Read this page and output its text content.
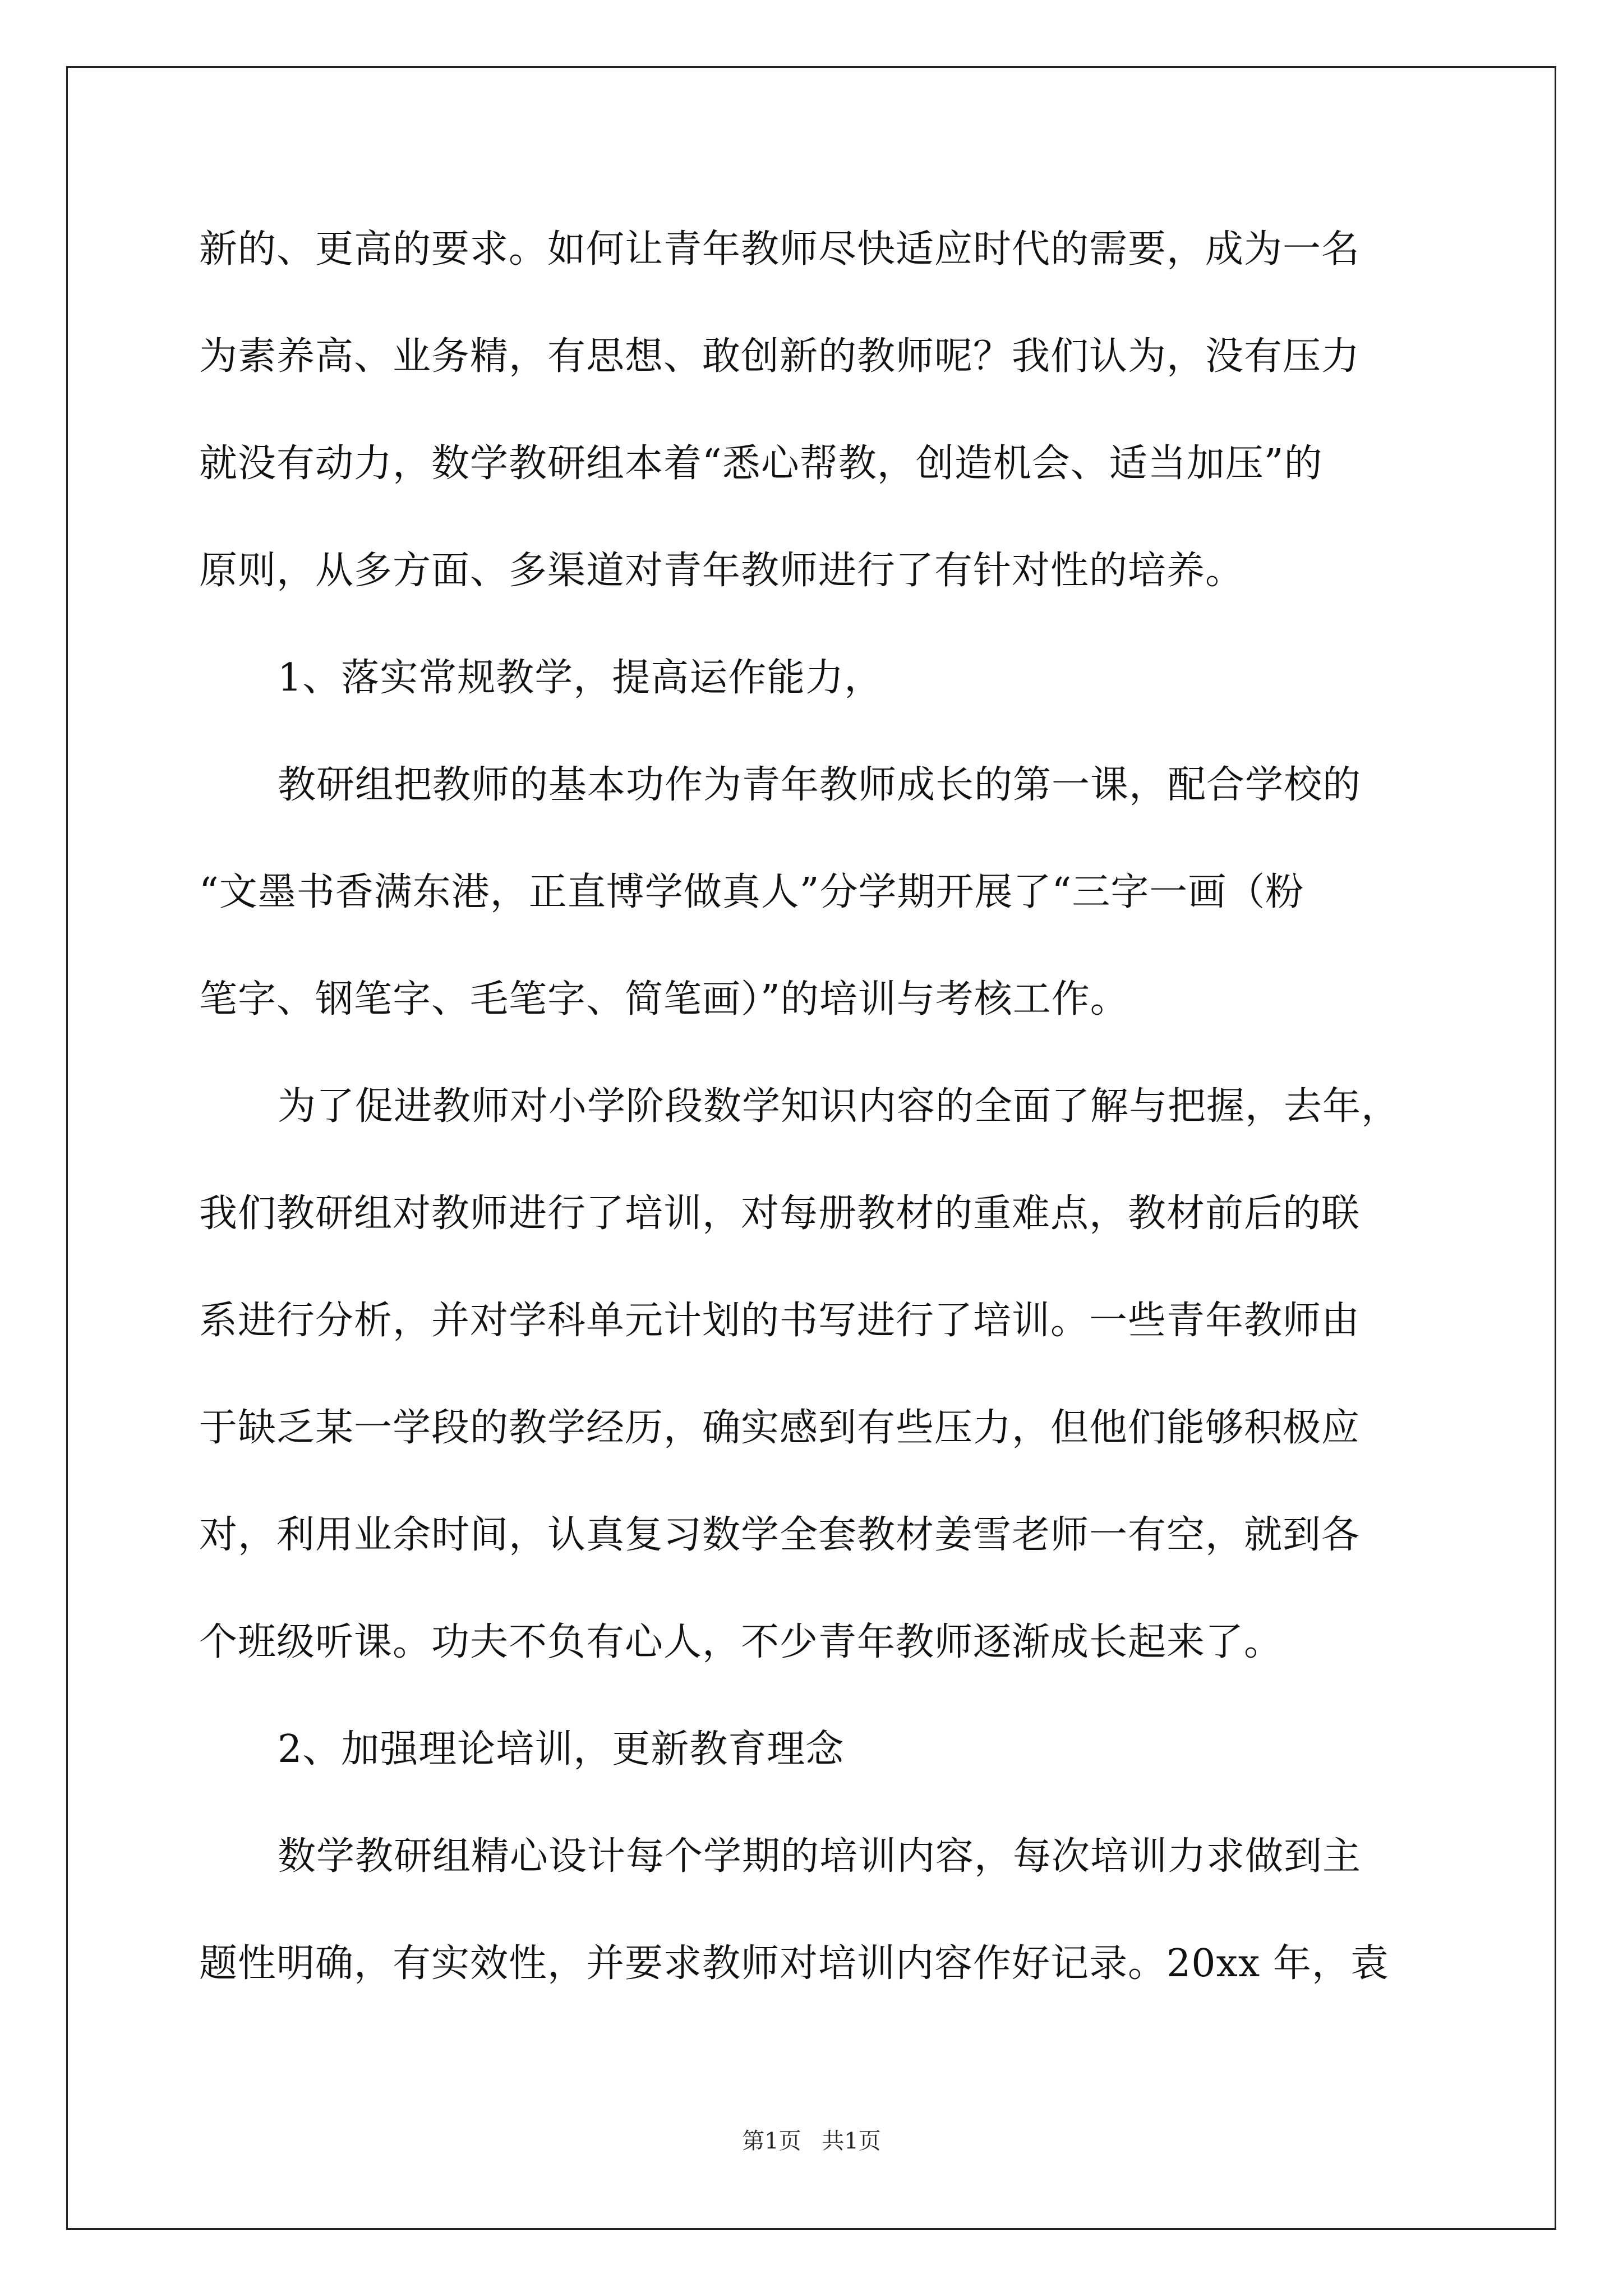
新的、更高的要求。如何让青年教师尽快适应时代的需要，成为一名
为素养高、业务精，有思想、敢创新的教师呢？我们认为，没有压力
就没有动力，数学教研组本着“悉心帮教，创造机会、适当加压”的
原则，从多方面、多渠道对青年教师进行了有针对性的培养。
1、落实常规教学，提高运作能力，
教研组把教师的基本功作为青年教师成长的第一课，配合学校的
“文墨书香满东港，正直博学做真人”分学期开展了“三字一画（粉
笔字、钢笔字、毛笔字、简笔画）”的培训与考核工作。
为了促进教师对小学阶段数学知识内容的全面了解与把握，去年，
我们教研组对教师进行了培训，对每册教材的重难点，教材前后的联
系进行分析，并对学科单元计划的书写进行了培训。一些青年教师由
于缺乏某一学段的教学经历，确实感到有些压力，但他们能够积极应
对，利用业余时间，认真复习数学全套教材姜雪老师一有空，就到各
个班级听课。功夫不负有心人，不少青年教师逐渐成长起来了。
2、加强理论培训，更新教育理念
数学教研组精心设计每个学期的培训内容，每次培训力求做到主
题性明确，有实效性，并要求教师对培训内容作好记录。20xx 年，袁
第1页 共1页
